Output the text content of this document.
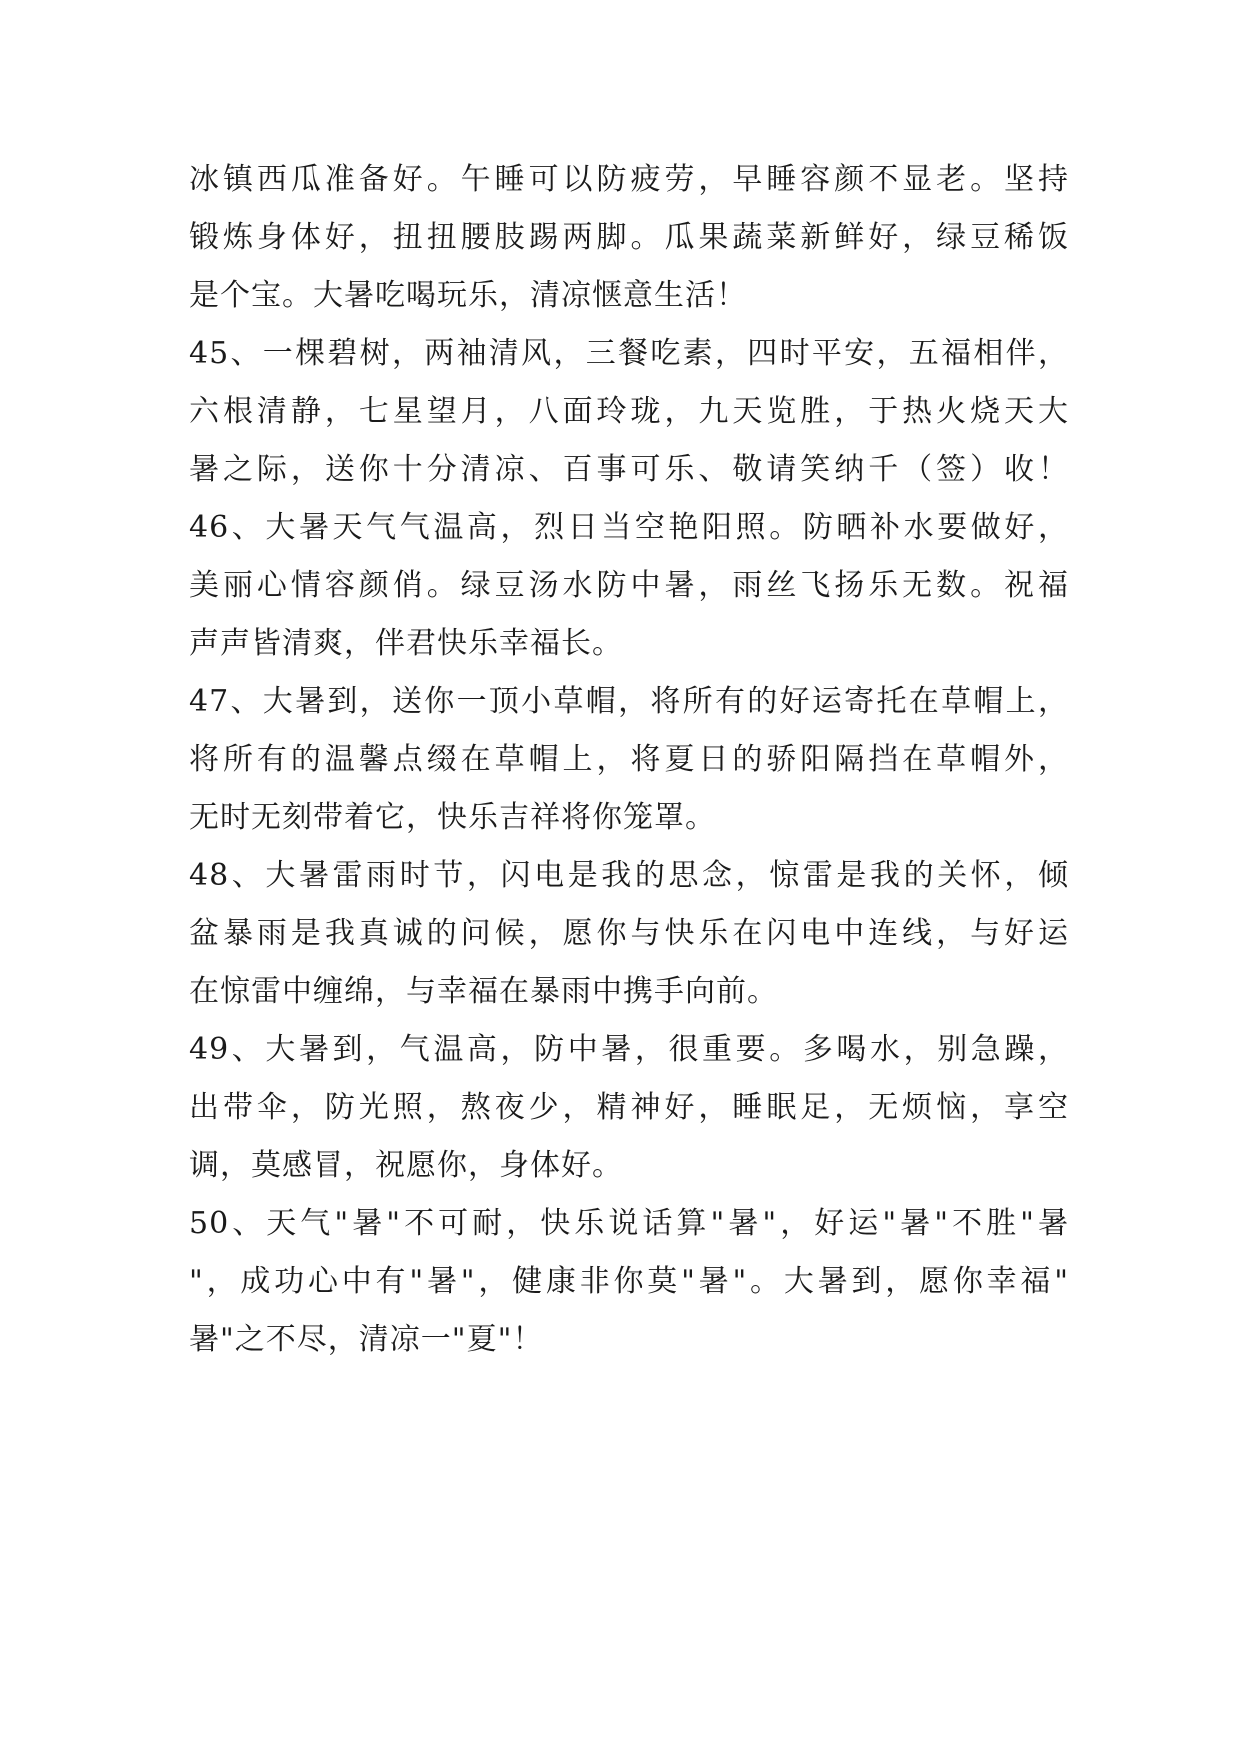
冰镇西瓜准备好。午睡可以防疲劳，早睡容颜不显老。坚持
锻炼身体好，扭扭腰肢踢两脚。瓜果蔬菜新鲜好，绿豆稀饭
是个宝。大暑吃喝玩乐，清凉惬意生活！
45、一棵碧树，两袖清风，三餐吃素，四时平安，五福相伴，
六根清静，七星望月，八面玲珑，九天览胜，于热火烧天大
暑之际，送你十分清凉、百事可乐、敬请笑纳千（签）收！
46、大暑天气气温高，烈日当空艳阳照。防晒补水要做好，
美丽心情容颜俏。绿豆汤水防中暑，雨丝飞扬乐无数。祝福
声声皆清爽，伴君快乐幸福长。
47、大暑到，送你一顶小草帽，将所有的好运寄托在草帽上，
将所有的温馨点缀在草帽上，将夏日的骄阳隔挡在草帽外，
无时无刻带着它，快乐吉祥将你笼罩。
48、大暑雷雨时节，闪电是我的思念，惊雷是我的关怀，倾
盆暴雨是我真诚的问候，愿你与快乐在闪电中连线，与好运
在惊雷中缠绵，与幸福在暴雨中携手向前。
49、大暑到，气温高，防中暑，很重要。多喝水，别急躁，
出带伞，防光照，熬夜少，精神好，睡眠足，无烦恼，享空
调，莫感冒，祝愿你，身体好。
50、天气"暑"不可耐，快乐说话算"暑"，好运"暑"不胜"暑
"，成功心中有"暑"，健康非你莫"暑"。大暑到，愿你幸福"
暑"之不尽，清凉一"夏"！
